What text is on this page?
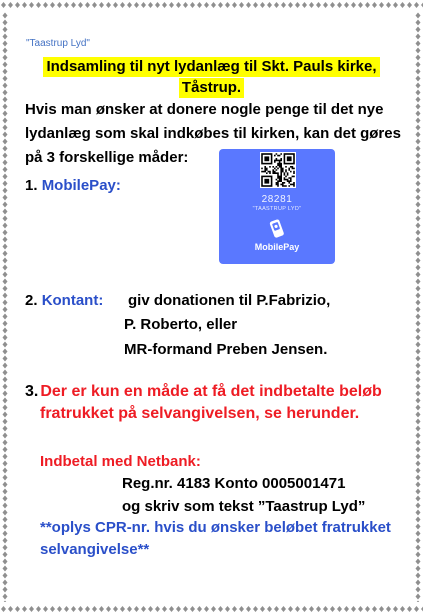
"Taastrup Lyd"
Indsamling til nyt lydanlæg til Skt. Pauls kirke,
Tåstrup.
Hvis man ønsker at donere nogle penge til det nye
lydanlæg som skal indkøbes til kirken, kan det gøres
på 3 forskellige måder:
1. MobilePay:
28281
"TAASTRUP LYD"
MobilePay
2. Kontant: giv donationen til P.Fabrizio,
P. Roberto, eller
MR-formand Preben Jensen.
3. Der er kun en måde at få det indbetalte beløb
fratrukket på selvangivelsen, se herunder.
Indbetal med Netbank:
Reg.nr. 4183 Konto 0005001471
og skriv som tekst ”Taastrup Lyd”
**oplys CPR-nr. hvis du ønsker beløbet fratrukket
selvangivelse**
